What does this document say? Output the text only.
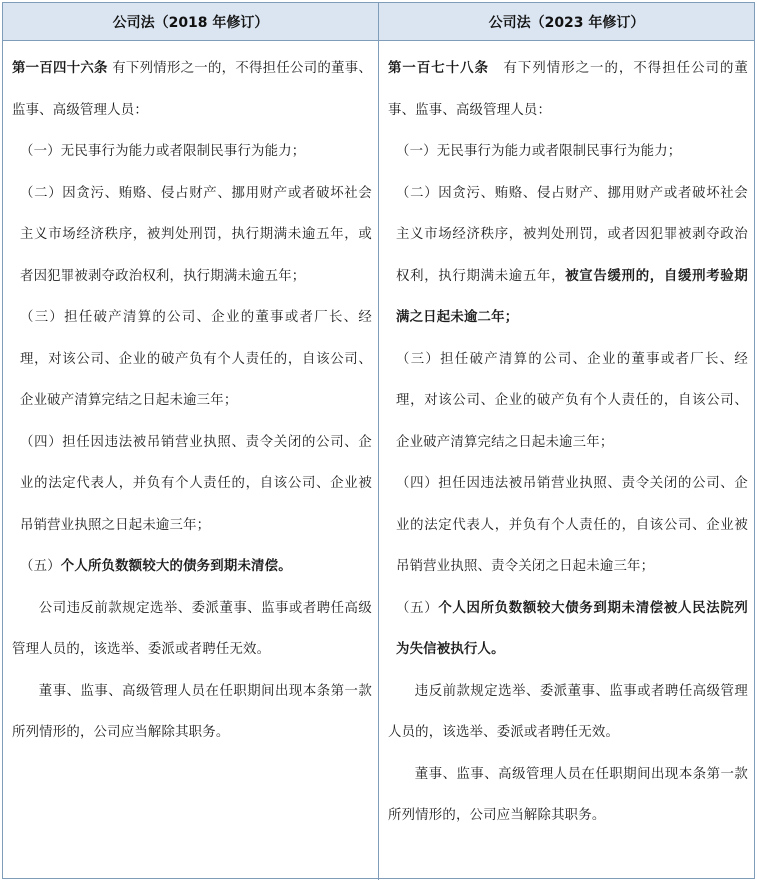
公司法（2018 年修订）	公司法（2023 年修订）

第一百四十六条 有下列情形之一的，不得担任公司的董事、监事、高级管理人员：

（一）无民事行为能力或者限制民事行为能力；

（二）因贪污、贿赂、侵占财产、挪用财产或者破坏社会主义市场经济秩序，被判处刑罚，执行期满未逾五年，或者因犯罪被剥夺政治权利，执行期满未逾五年；

（三）担任破产清算的公司、企业的董事或者厂长、经理，对该公司、企业的破产负有个人责任的，自该公司、企业破产清算完结之日起未逾三年；

（四）担任因违法被吊销营业执照、责令关闭的公司、企业的法定代表人，并负有个人责任的，自该公司、企业被吊销营业执照之日起未逾三年；

（五）个人所负数额较大的债务到期未清偿。

公司违反前款规定选举、委派董事、监事或者聘任高级管理人员的，该选举、委派或者聘任无效。

董事、监事、高级管理人员在任职期间出现本条第一款所列情形的，公司应当解除其职务。

第一百七十八条　有下列情形之一的，不得担任公司的董事、监事、高级管理人员：

（一）无民事行为能力或者限制民事行为能力；

（二）因贪污、贿赂、侵占财产、挪用财产或者破坏社会主义市场经济秩序，被判处刑罚，或者因犯罪被剥夺政治权利，执行期满未逾五年，被宣告缓刑的，自缓刑考验期满之日起未逾二年；

（三）担任破产清算的公司、企业的董事或者厂长、经理，对该公司、企业的破产负有个人责任的，自该公司、企业破产清算完结之日起未逾三年；

（四）担任因违法被吊销营业执照、责令关闭的公司、企业的法定代表人，并负有个人责任的，自该公司、企业被吊销营业执照、责令关闭之日起未逾三年；

（五）个人因所负数额较大债务到期未清偿被人民法院列为失信被执行人。

违反前款规定选举、委派董事、监事或者聘任高级管理人员的，该选举、委派或者聘任无效。

董事、监事、高级管理人员在任职期间出现本条第一款所列情形的，公司应当解除其职务。
